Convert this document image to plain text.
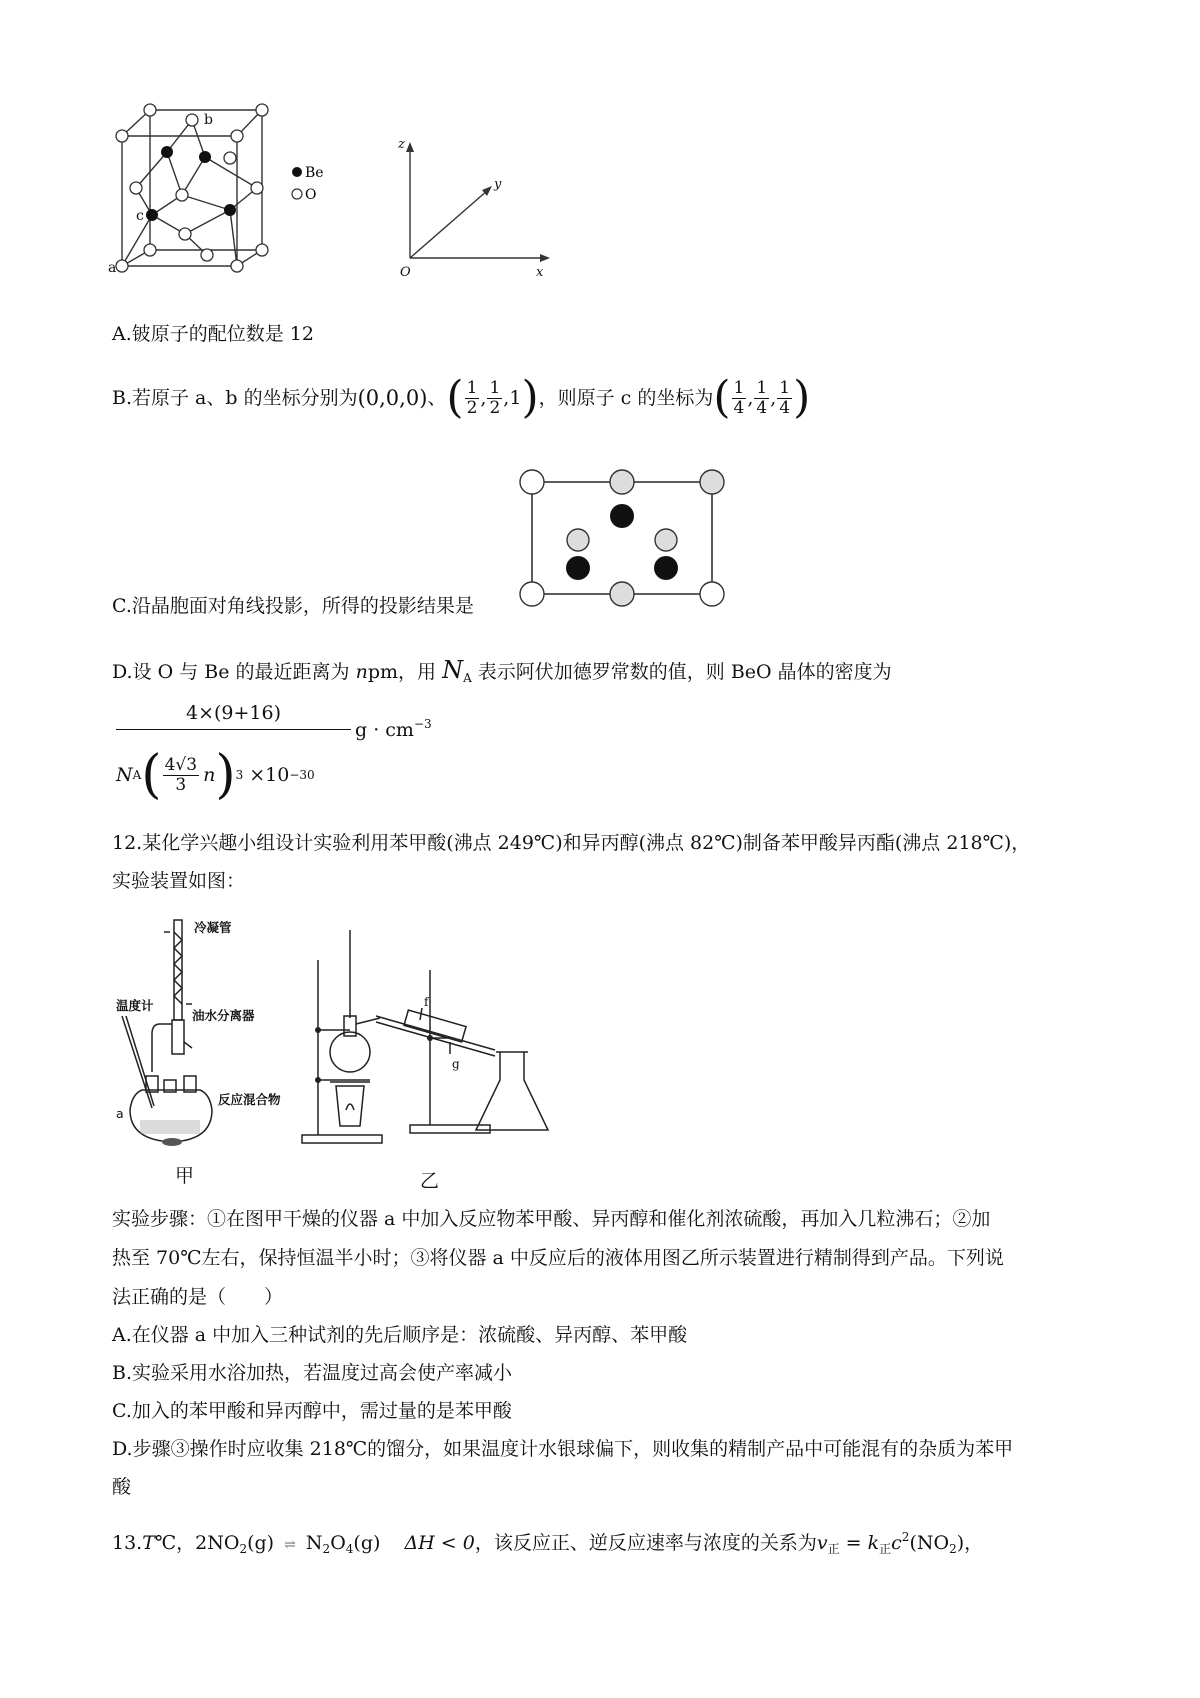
b
c
a
Be
O
z
y
x
O
A.铍原子的配位数是 12
B.若原子 a、b 的坐标分别为 (0,0,0) 、 ( $\frac{1}{2}$ , $\frac{1}{2} ,1$ ) ，则原子 c 的坐标为 ( $\frac{1}{4}$ , $\frac{1}{4}$ , $\frac{1}{4}$ )
C.沿晶胞面对角线投影，所得的投影结果是
D.设 O 与 Be 的最近距离为 npm，用 $N_A$ 表示阿伏加德罗常数的值，则 BeO 晶体的密度为
4×(9+16)
$g \cdot cm^{-3}$
N A ( $\frac{4√3}{3}$ n ) 3 ×10 −30
12.某化学兴趣小组设计实验利用苯甲酸(沸点 249℃)和异丙醇(沸点 82℃)制备苯甲酸异丙酯(沸点 218℃)，
实验装置如图：
冷凝管
油水分离器
温度计
反应混合物
a
f
g
甲	乙
实验步骤：①在图甲干燥的仪器 a 中加入反应物苯甲酸、异丙醇和催化剂浓硫酸，再加入几粒沸石；②加
热至 70℃左右，保持恒温半小时；③将仪器 a 中反应后的液体用图乙所示装置进行精制得到产品。下列说
法正确的是（　　）
A.在仪器 a 中加入三种试剂的先后顺序是：浓硫酸、异丙醇、苯甲酸
B.实验采用水浴加热，若温度过高会使产率减小
C.加入的苯甲酸和异丙醇中，需过量的是苯甲酸
D.步骤③操作时应收集 218℃的馏分，如果温度计水银球偏下，则收集的精制产品中可能混有的杂质为苯甲
酸
13.T℃，$2NO_2(g)$ ⇌ $N_2O_4(g) \Delta H < 0$，该反应正、逆反应速率与浓度的关系为$v_正 = k_正c^2(NO_2)$，
